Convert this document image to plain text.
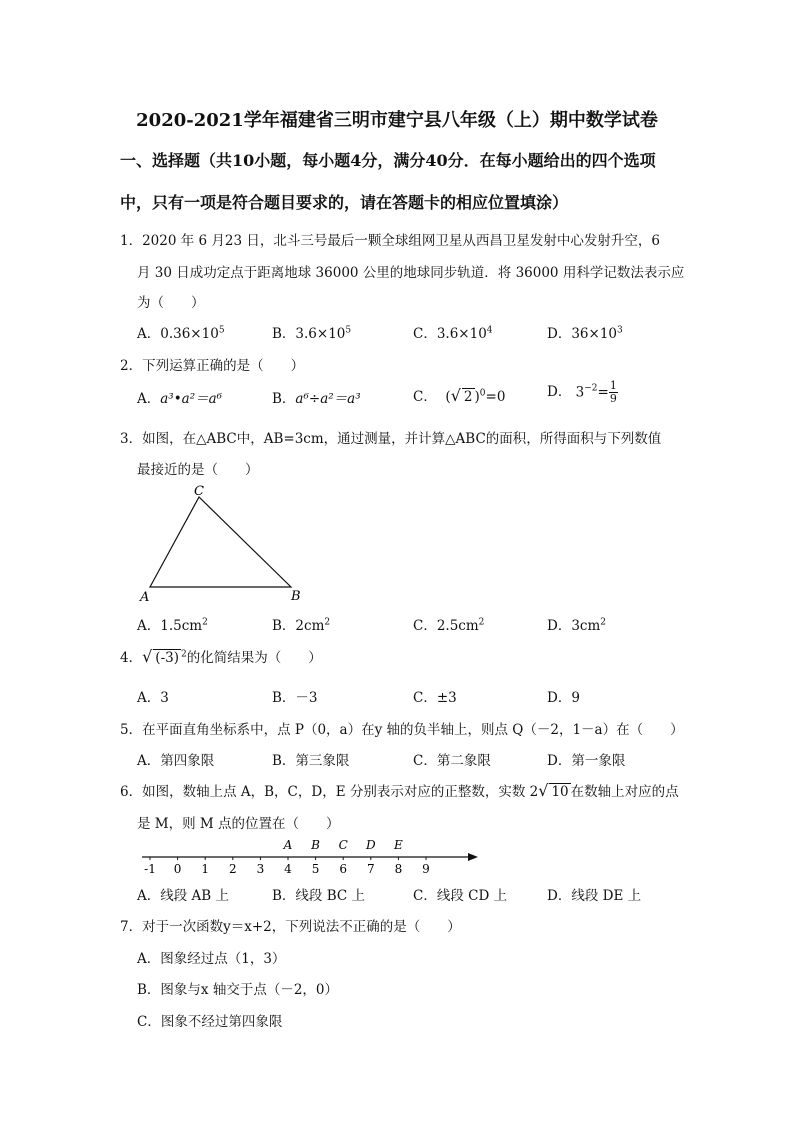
2020-2021学年福建省三明市建宁县八年级（上）期中数学试卷
一、选择题（共10小题，每小题4分，满分40分．在每小题给出的四个选项
中，只有一项是符合题目要求的，请在答题卡的相应位置填涂）
1．2020 年 6 月23 日，北斗三号最后一颗全球组网卫星从西昌卫星发射中心发射升空，6
月 30 日成功定点于距离地球 36000 公里的地球同步轨道．将 36000 用科学记数法表示应
为（　　）
A．$0.36\times 10^5$	B．$3.6\times 10^5$	C．$3.6\times 10^4$	D．$36\times 10^3$
2．下列运算正确的是（　　）
A．a³•a²＝a⁶	B．a⁶÷a²＝a³	C．  (√ 2 )$^0$=0	D． $3^{-2}= \frac{1}{9}$
3．如图，在△ABC中，AB=3cm，通过测量，并计算△ABC的面积，所得面积与下列数值
最接近的是（　　）
C
A	B
A．$1.5cm^2$	B．$2cm^2$	C．$2.5cm^2$	D．$3cm^2$
4．√ (-3) $^2$的化简结果为（　　）
A．3	B．－3	C．±3	D．9
5．在平面直角坐标系中，点 P（0，a）在y 轴的负半轴上，则点 Q（－2，1－a）在（　　）
A．第四象限	B．第三象限	C．第二象限	D．第一象限
6．如图，数轴上点 A，B，C，D，E 分别表示对应的正整数，实数 2√ 10 在数轴上对应的点
是 M，则 M 点的位置在（　　）
-1 0 1 2 3 4 5 6 7 8 9
A B C D E
A．线段 AB 上	B．线段 BC 上	C．线段 CD 上	D．线段 DE 上
7．对于一次函数y＝x+2，下列说法不正确的是（　　）
A．图象经过点（1，3）
B．图象与x 轴交于点（－2，0）
C．图象不经过第四象限
